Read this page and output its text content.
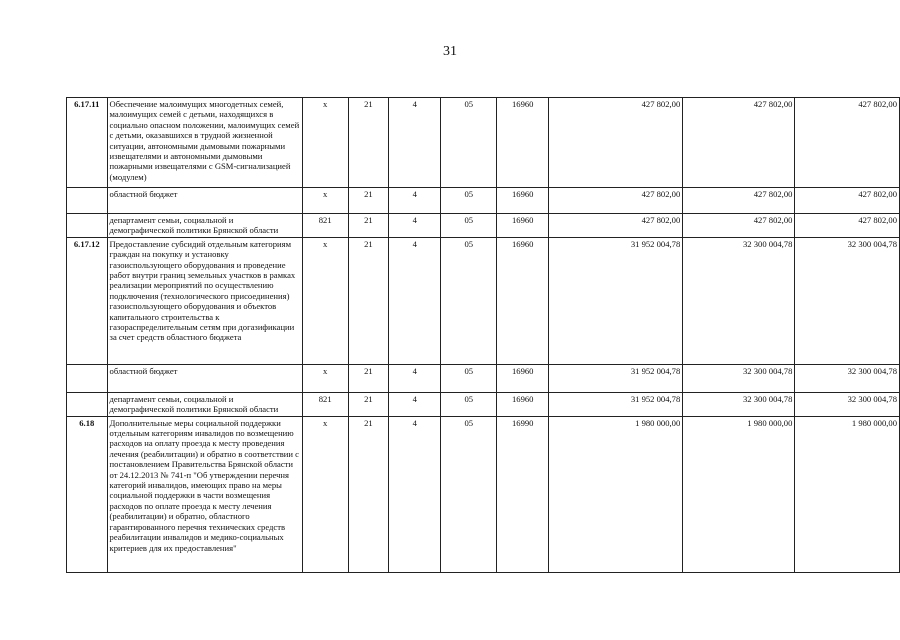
31
6.17.11	Обеспечение малоимущих многодетных семей, малоимущих семей с детьми, находящихся в социально опасном положении, малоимущих семей с детьми, оказавшихся в трудной жизненной ситуации, автономными дымовыми пожарными извещателями и автономными дымовыми пожарными извещателями с GSM-сигнализацией (модулем)	х	21	4	05	16960	427 802,00	427 802,00	427 802,00
	областной бюджет	х	21	4	05	16960	427 802,00	427 802,00	427 802,00
	департамент семьи, социальной и демографической политики Брянской области	821	21	4	05	16960	427 802,00	427 802,00	427 802,00
6.17.12	Предоставление субсидий отдельным категориям граждан на покупку и установку газоиспользующего оборудования и проведение работ внутри границ земельных участков в рамках реализации мероприятий по осуществлению подключения (технологического присоединения) газоиспользующего оборудования и объектов капитального строительства к газораспределительным сетям при догазификации за счет средств областного бюджета	х	21	4	05	16960	31 952 004,78	32 300 004,78	32 300 004,78
	областной бюджет	х	21	4	05	16960	31 952 004,78	32 300 004,78	32 300 004,78
	департамент семьи, социальной и демографической политики Брянской области	821	21	4	05	16960	31 952 004,78	32 300 004,78	32 300 004,78
6.18	Дополнительные меры социальной поддержки отдельным категориям инвалидов по возмещению расходов на оплату проезда к месту проведения лечения (реабилитации) и обратно в соответствии с постановлением Правительства Брянской области от 24.12.2013 № 741-п "Об утверждении перечня категорий инвалидов, имеющих право на меры социальной поддержки в части возмещения расходов по оплате проезда к месту лечения (реабилитации) и обратно, областного гарантированного перечня технических средств реабилитации инвалидов и медико-социальных критериев для их предоставления"	х	21	4	05	16990	1 980 000,00	1 980 000,00	1 980 000,00
